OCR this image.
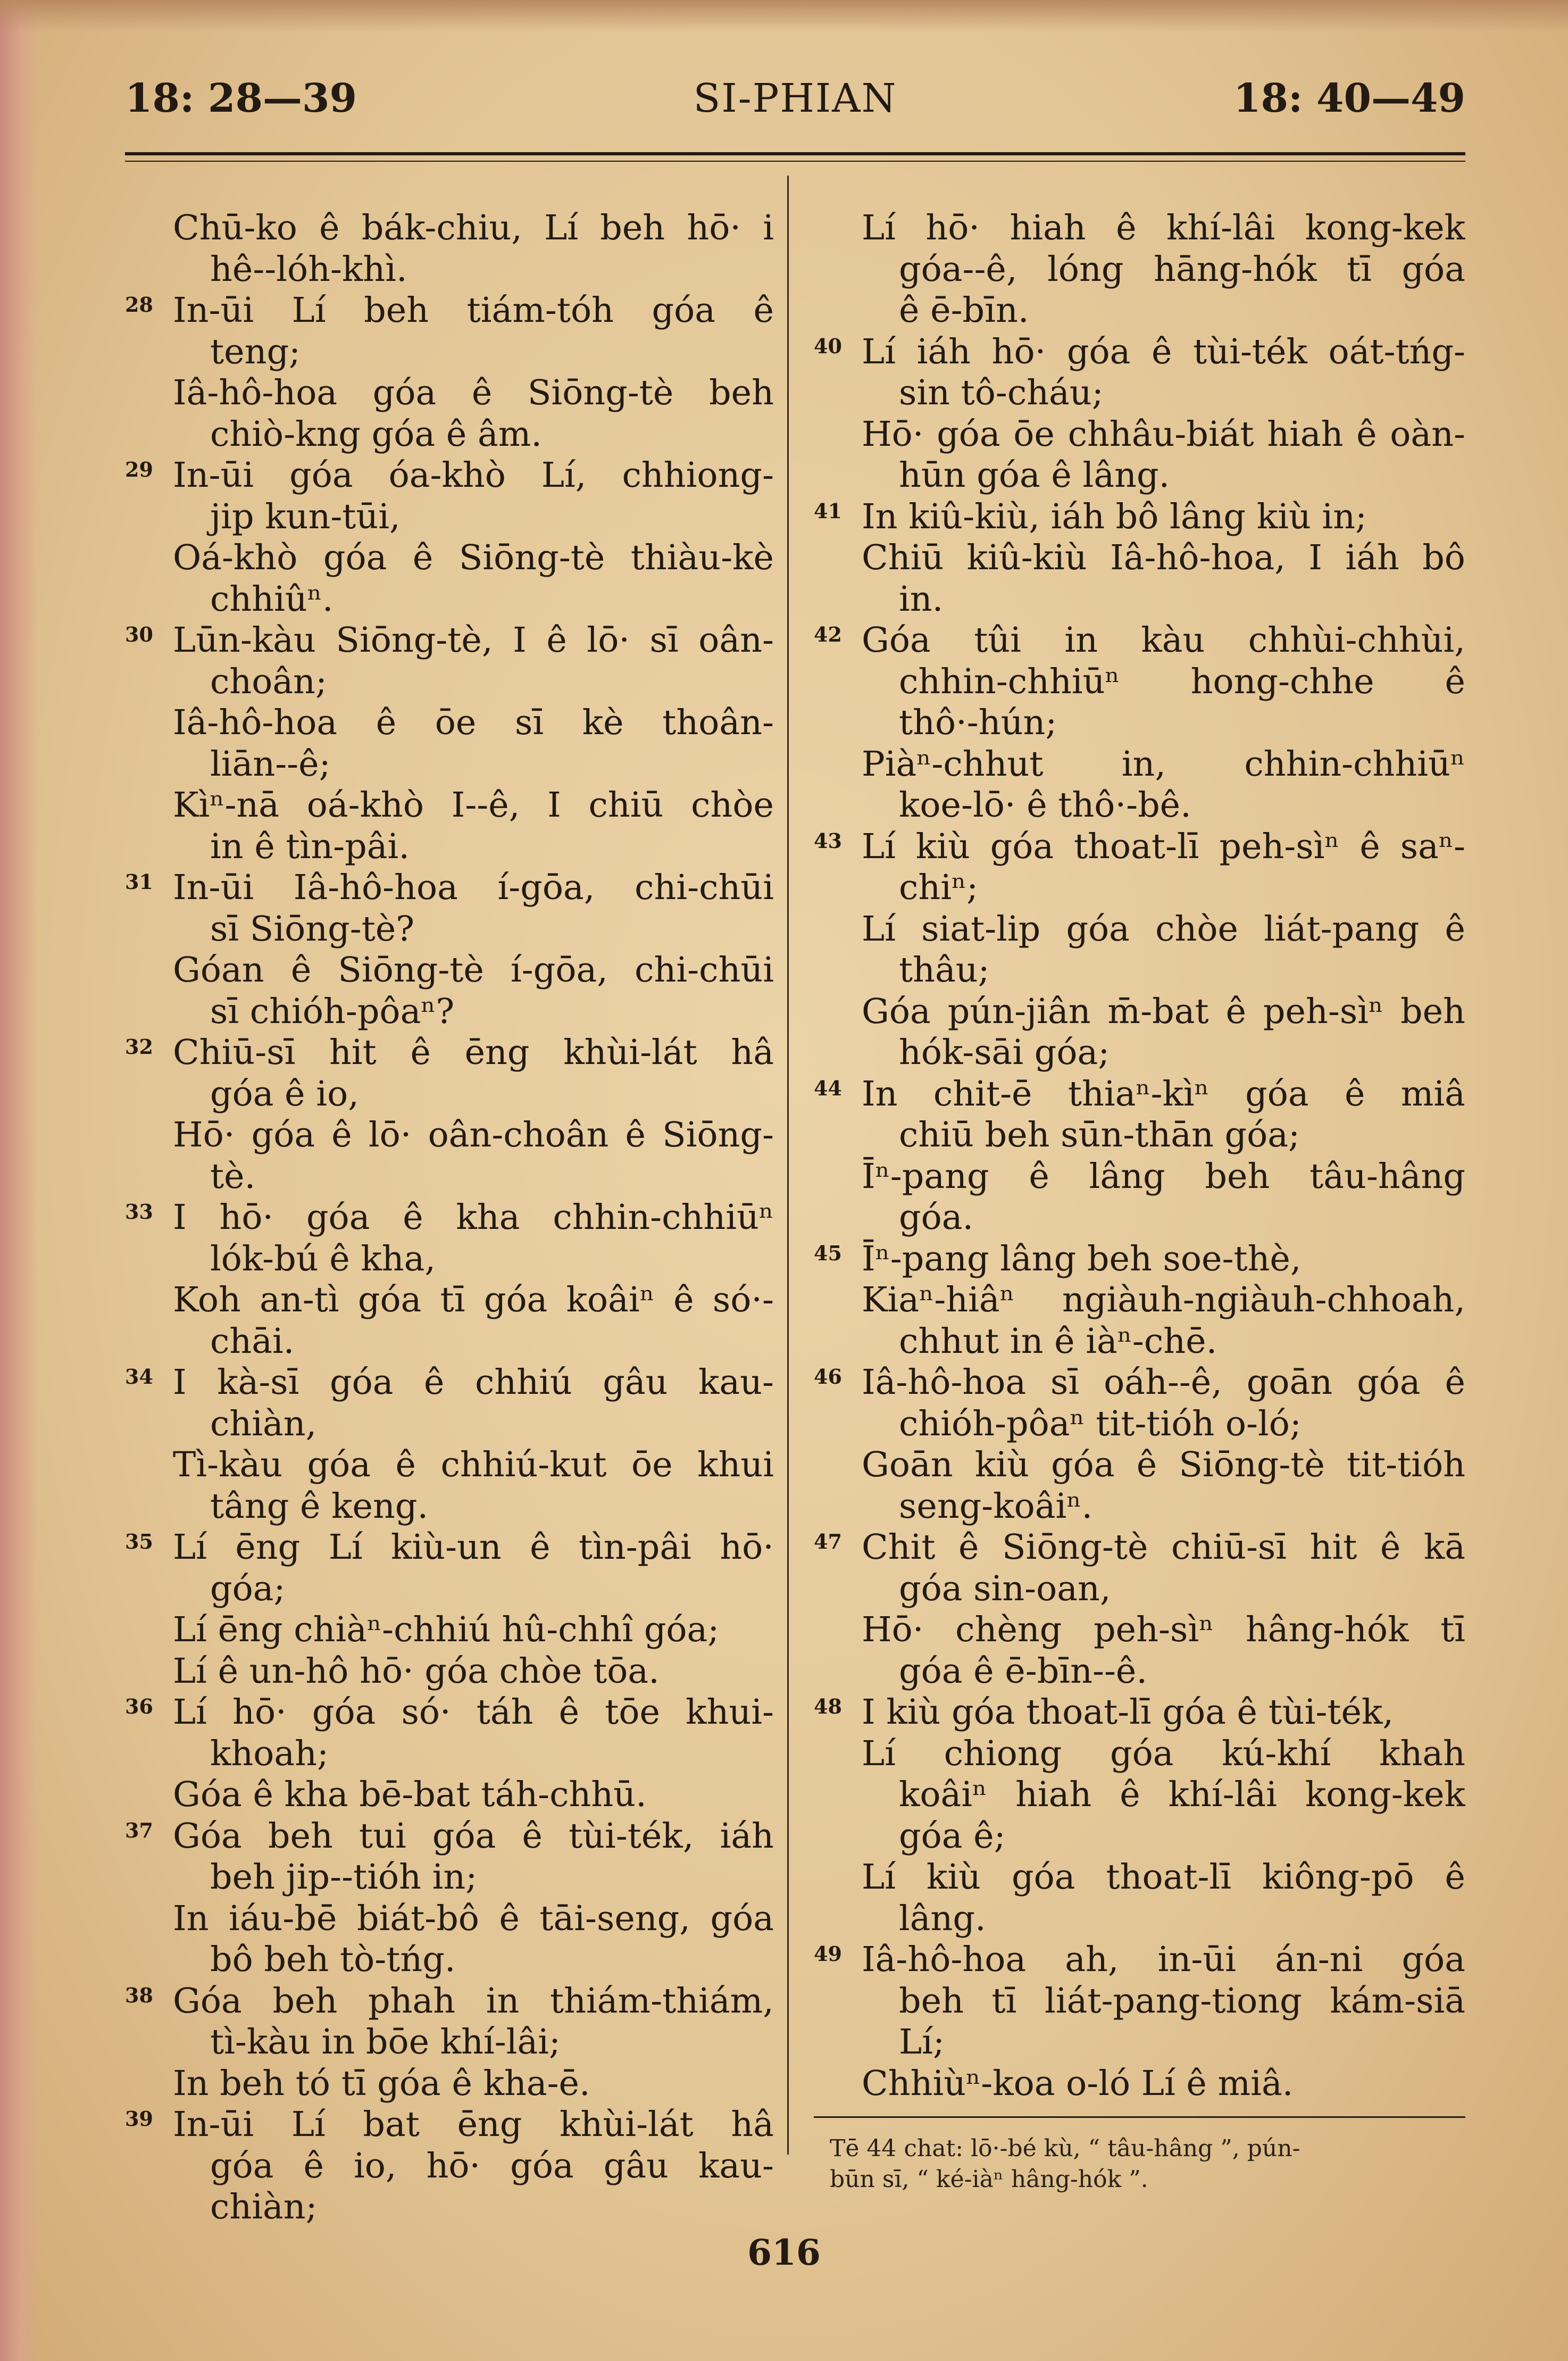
18: 28—39	SI-PHIAN	18: 40—49
Chū-ko ê bák-chiu, Lí beh hō· i
hê--lóh-khì.
28 In-ūi Lí beh tiám-tóh góa ê
teng;
Iâ-hô-hoa góa ê Siōng-tè beh
chiò-kng góa ê âm.
29 In-ūi góa óa-khò Lí, chhiong-
jip kun-tūi,
Oá-khò góa ê Siōng-tè thiàu-kè
chhiûⁿ.
30 Lūn-kàu Siōng-tè, I ê lō· sī oân-
choân;
Iâ-hô-hoa ê ōe sī kè thoân-
liān--ê;
Kìⁿ-nā oá-khò I--ê, I chiū chòe
in ê tìn-pâi.
31 In-ūi Iâ-hô-hoa í-gōa, chi-chūi
sī Siōng-tè?
Góan ê Siōng-tè í-gōa, chi-chūi
sī chióh-pôaⁿ?
32 Chiū-sī hit ê ēng khùi-lát hâ
góa ê io,
Hō· góa ê lō· oân-choân ê Siōng-
tè.
33 I hō· góa ê kha chhin-chhiūⁿ
lók-bú ê kha,
Koh an-tì góa tī góa koâiⁿ ê só·-
chāi.
34 I kà-sī góa ê chhiú gâu kau-
chiàn,
Tì-kàu góa ê chhiú-kut ōe khui
tâng ê keng.
35 Lí ēng Lí kiù-un ê tìn-pâi hō·
góa;
Lí ēng chiàⁿ-chhiú hû-chhî góa;
Lí ê un-hô hō· góa chòe tōa.
36 Lí hō· góa só· táh ê tōe khui-
khoah;
Góa ê kha bē-bat táh-chhū.
37 Góa beh tui góa ê tùi-ték, iáh
beh jip--tióh in;
In iáu-bē biát-bô ê tāi-seng, góa
bô beh tò-tńg.
38 Góa beh phah in thiám-thiám,
tì-kàu in bōe khí-lâi;
In beh tó tī góa ê kha-ē.
39 In-ūi Lí bat ēng khùi-lát hâ
góa ê io, hō· góa gâu kau-
chiàn;
Lí hō· hiah ê khí-lâi kong-kek
góa--ê, lóng hāng-hók tī góa
ê ē-bīn.
40 Lí iáh hō· góa ê tùi-ték oát-tńg-
sin tô-cháu;
Hō· góa ōe chhâu-biát hiah ê oàn-
hūn góa ê lâng.
41 In kiû-kiù, iáh bô lâng kiù in;
Chiū kiû-kiù Iâ-hô-hoa, I iáh bô
in.
42 Góa tûi in kàu chhùi-chhùi,
chhin-chhiūⁿ hong-chhe ê
thô·-hún;
Piàⁿ-chhut in, chhin-chhiūⁿ
koe-lō· ê thô·-bê.
43 Lí kiù góa thoat-lī peh-sìⁿ ê saⁿ-
chiⁿ;
Lí siat-lip góa chòe liát-pang ê
thâu;
Góa pún-jiân m̄-bat ê peh-sìⁿ beh
hók-sāi góa;
44 In chit-ē thiaⁿ-kìⁿ góa ê miâ
chiū beh sūn-thān góa;
Īⁿ-pang ê lâng beh tâu-hâng
góa.
45 Īⁿ-pang lâng beh soe-thè,
Kiaⁿ-hiâⁿ ngiàuh-ngiàuh-chhoah,
chhut in ê iàⁿ-chē.
46 Iâ-hô-hoa sī oáh--ê, goān góa ê
chióh-pôaⁿ tit-tióh o-ló;
Goān kiù góa ê Siōng-tè tit-tióh
seng-koâiⁿ.
47 Chit ê Siōng-tè chiū-sī hit ê kā
góa sin-oan,
Hō· chèng peh-sìⁿ hâng-hók tī
góa ê ē-bīn--ê.
48 I kiù góa thoat-lī góa ê tùi-ték,
Lí chiong góa kú-khí khah
koâiⁿ hiah ê khí-lâi kong-kek
góa ê;
Lí kiù góa thoat-lī kiông-pō ê
lâng.
49 Iâ-hô-hoa ah, in-ūi án-ni góa
beh tī liát-pang-tiong kám-siā
Lí;
Chhiùⁿ-koa o-ló Lí ê miâ.
Tē 44 chat: lō·-bé kù, “ tâu-hâng ”, pún-
būn sī, “ ké-iàⁿ hâng-hók ”.
616
